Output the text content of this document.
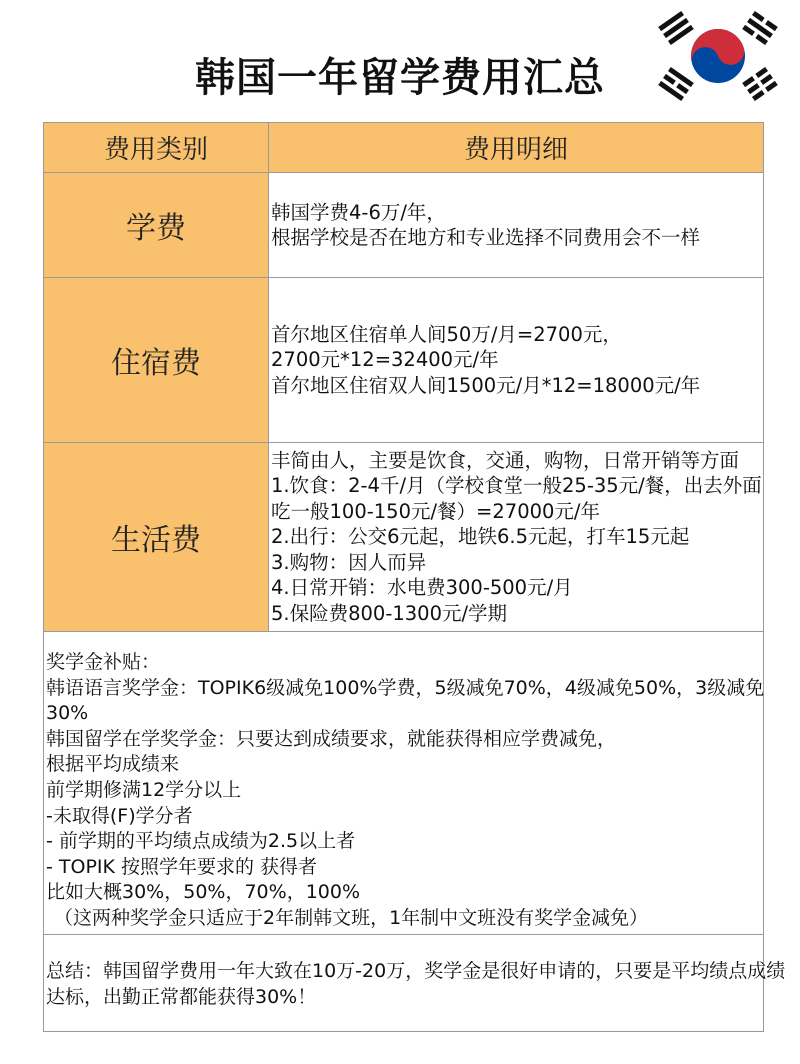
韩国一年留学费用汇总
费用类别	费用明细
学费	韩国学费4-6万/年，
根据学校是否在地方和专业选择不同费用会不一样
住宿费
首尔地区住宿单人间50万/月=2700元，
2700元*12=32400元/年
首尔地区住宿双人间1500元/月*12=18000元/年
生活费
丰简由人，主要是饮食，交通，购物，日常开销等方面
1.饮食：2-4千/月（学校食堂一般25-35元/餐，出去外面
吃一般100-150元/餐）=27000元/年
2.出行：公交6元起，地铁6.5元起，打车15元起
3.购物：因人而异
4.日常开销：水电费300-500元/月
5.保险费800-1300元/学期
奖学金补贴：
韩语语言奖学金：TOPIK6级减免100%学费，5级减免70%，4级减免50%，3级减免
30%
韩国留学在学奖学金：只要达到成绩要求，就能获得相应学费减免，
根据平均成绩来
前学期修满12学分以上
-未取得(F)学分者
- 前学期的平均绩点成绩为2.5以上者
- TOPIK 按照学年要求的 获得者
比如大概30%，50%，70%，100%
（这两种奖学金只适应于2年制韩文班，1年制中文班没有奖学金减免）
总结：韩国留学费用一年大致在10万-20万，奖学金是很好申请的，只要是平均绩点成绩
达标，出勤正常都能获得30%！
